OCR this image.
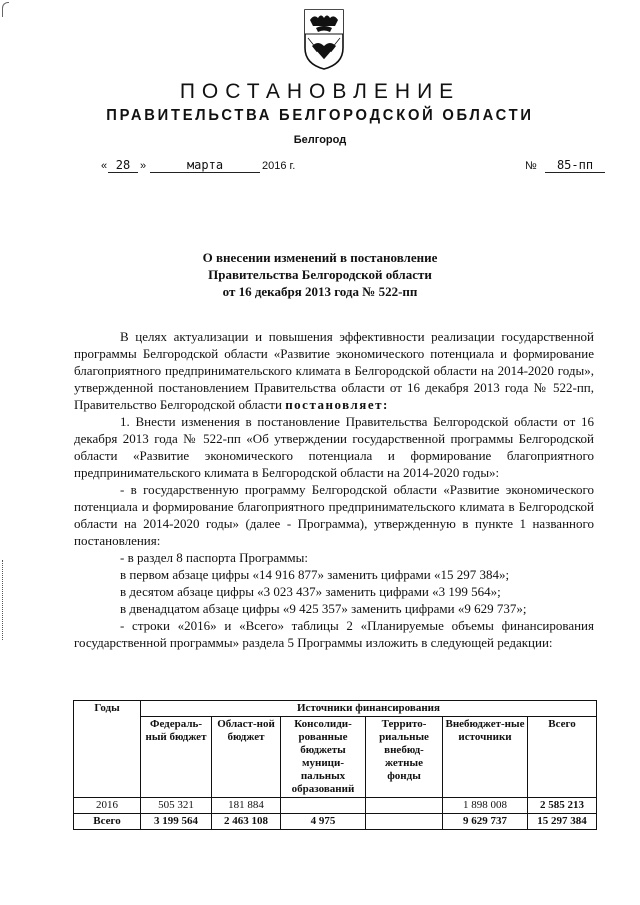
ПОСТАНОВЛЕНИЕ
ПРАВИТЕЛЬСТВА БЕЛГОРОДСКОЙ ОБЛАСТИ
Белгород
« 28 »	марта	2016 г.	№	85-пп
О внесении изменений в постановление
Правительства Белгородской области
от 16 декабря 2013 года № 522-пп

В целях актуализации и повышения эффективности реализации государственной программы Белгородской области «Развитие экономического потенциала и формирование благоприятного предпринимательского климата в Белгородской области на 2014-2020 годы», утвержденной постановлением Правительства области от 16 декабря 2013 года № 522-пп, Правительство Белгородской области постановляет:

1. Внести изменения в постановление Правительства Белгородской области от 16 декабря 2013 года № 522-пп «Об утверждении государственной программы Белгородской области «Развитие экономического потенциала и формирование благоприятного предпринимательского климата в Белгородской области на 2014-2020 годы»:

- в государственную программу Белгородской области «Развитие экономического потенциала и формирование благоприятного предпринимательского климата в Белгородской области на 2014-2020 годы» (далее - Программа), утвержденную в пункте 1 названного постановления:

- в раздел 8 паспорта Программы:

в первом абзаце цифры «14 916 877» заменить цифрами «15 297 384»;

в десятом абзаце цифры «3 023 437» заменить цифрами «3 199 564»;

в двенадцатом абзаце цифры «9 425 357» заменить цифрами «9 629 737»;

- строки «2016» и «Всего» таблицы 2 «Планируемые объемы финансирования государственной программы» раздела 5 Программы изложить в следующей редакции:

Годы	Источники финансирования					
	Федераль-ный бюджет	Област-ной бюджет	Консолиди-рованные бюджеты муници-пальных образований	Террито-риальные внебюд-жетные фонды	Внебюджет-ные источники	Всего
2016	505 321	181 884			1 898 008	2 585 213
Всего	3 199 564	2 463 108	4 975		9 629 737	15 297 384
